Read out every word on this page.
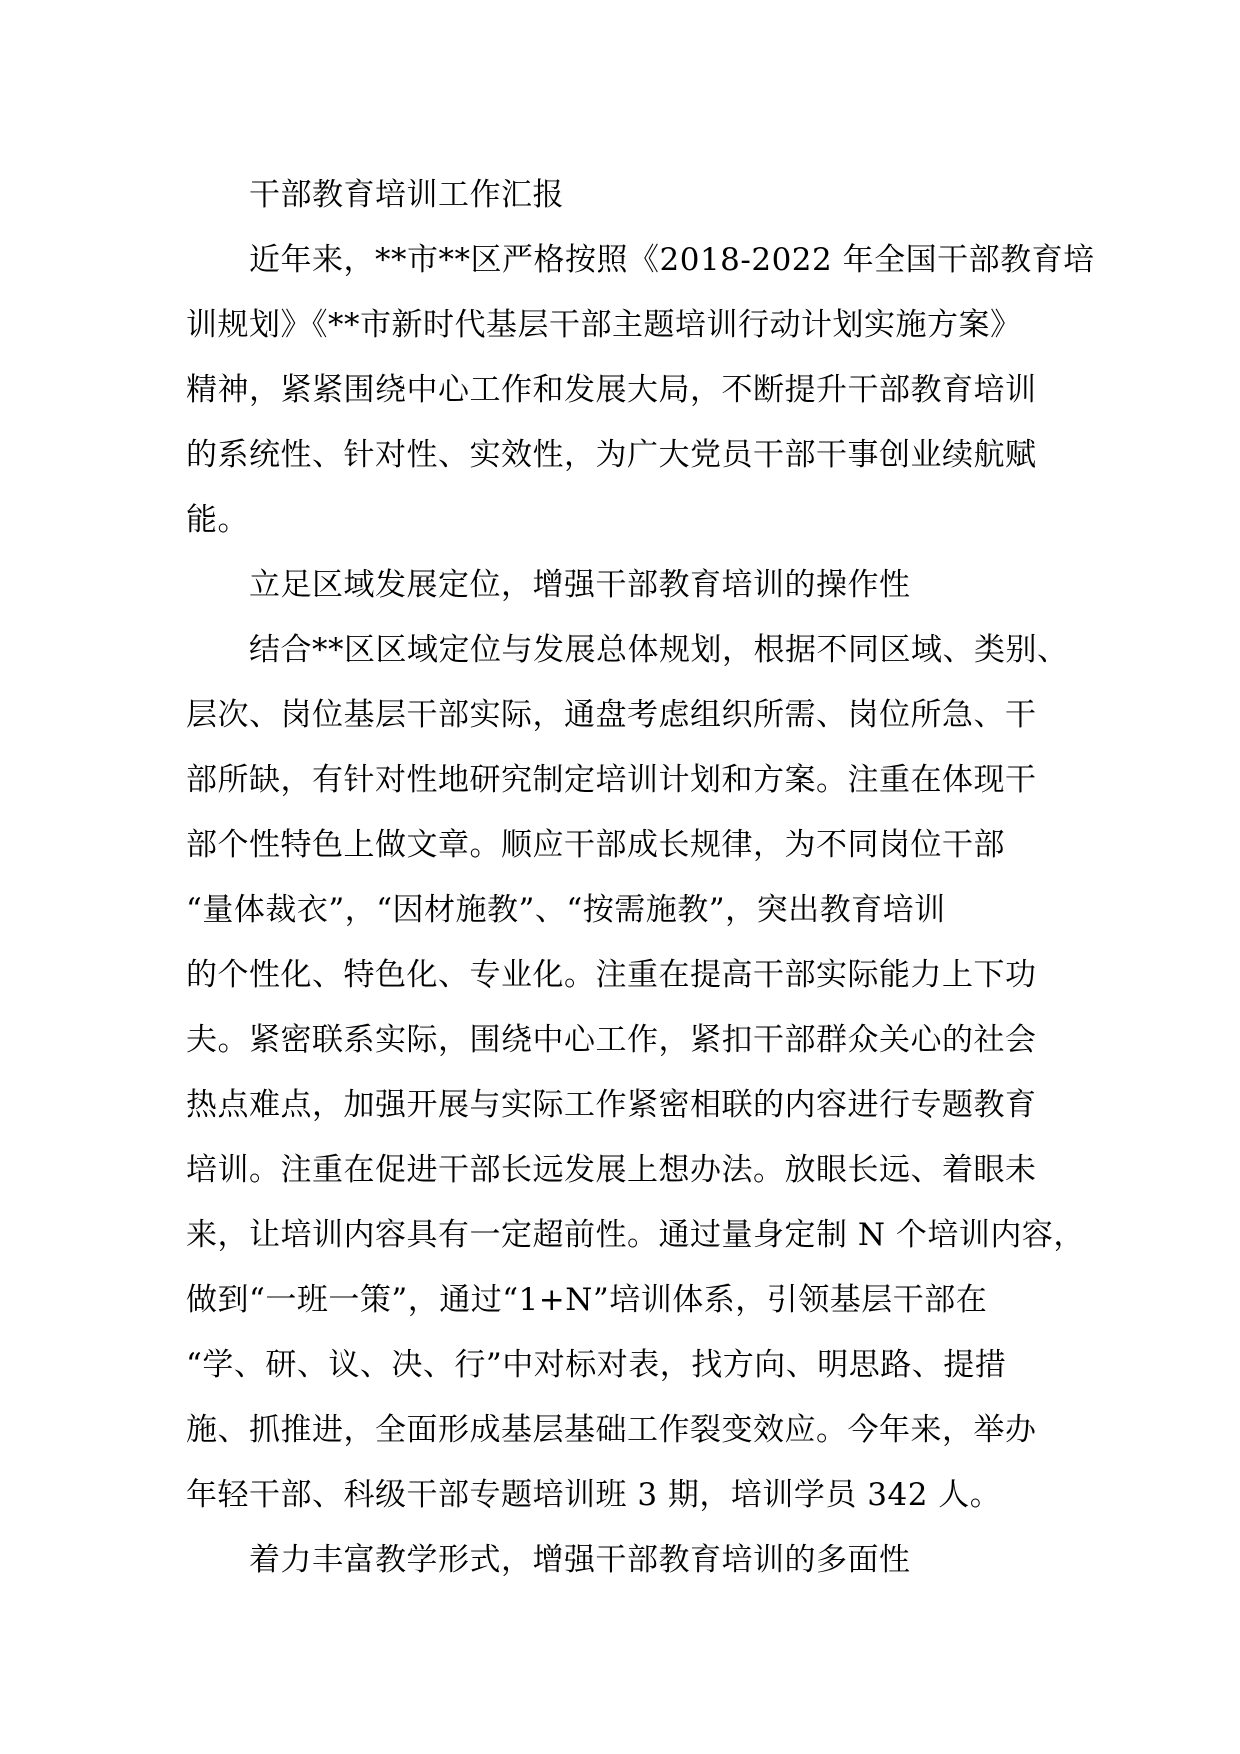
干部教育培训工作汇报
近年来，**市**区严格按照《2018-2022 年全国干部教育培
训规划》《**市新时代基层干部主题培训行动计划实施方案》
精神，紧紧围绕中心工作和发展大局，不断提升干部教育培训
的系统性、针对性、实效性，为广大党员干部干事创业续航赋
能。
立足区域发展定位，增强干部教育培训的操作性
结合**区区域定位与发展总体规划，根据不同区域、类别、
层次、岗位基层干部实际，通盘考虑组织所需、岗位所急、干
部所缺，有针对性地研究制定培训计划和方案。注重在体现干
部个性特色上做文章。顺应干部成长规律，为不同岗位干部
“量体裁衣”，“因材施教”、“按需施教”，突出教育培训
的个性化、特色化、专业化。注重在提高干部实际能力上下功
夫。紧密联系实际，围绕中心工作，紧扣干部群众关心的社会
热点难点，加强开展与实际工作紧密相联的内容进行专题教育
培训。注重在促进干部长远发展上想办法。放眼长远、着眼未
来，让培训内容具有一定超前性。通过量身定制 N 个培训内容，
做到“一班一策”，通过“1+N”培训体系，引领基层干部在
“学、研、议、决、行”中对标对表，找方向、明思路、提措
施、抓推进，全面形成基层基础工作裂变效应。今年来，举办
年轻干部、科级干部专题培训班 3 期，培训学员 342 人。
着力丰富教学形式，增强干部教育培训的多面性
